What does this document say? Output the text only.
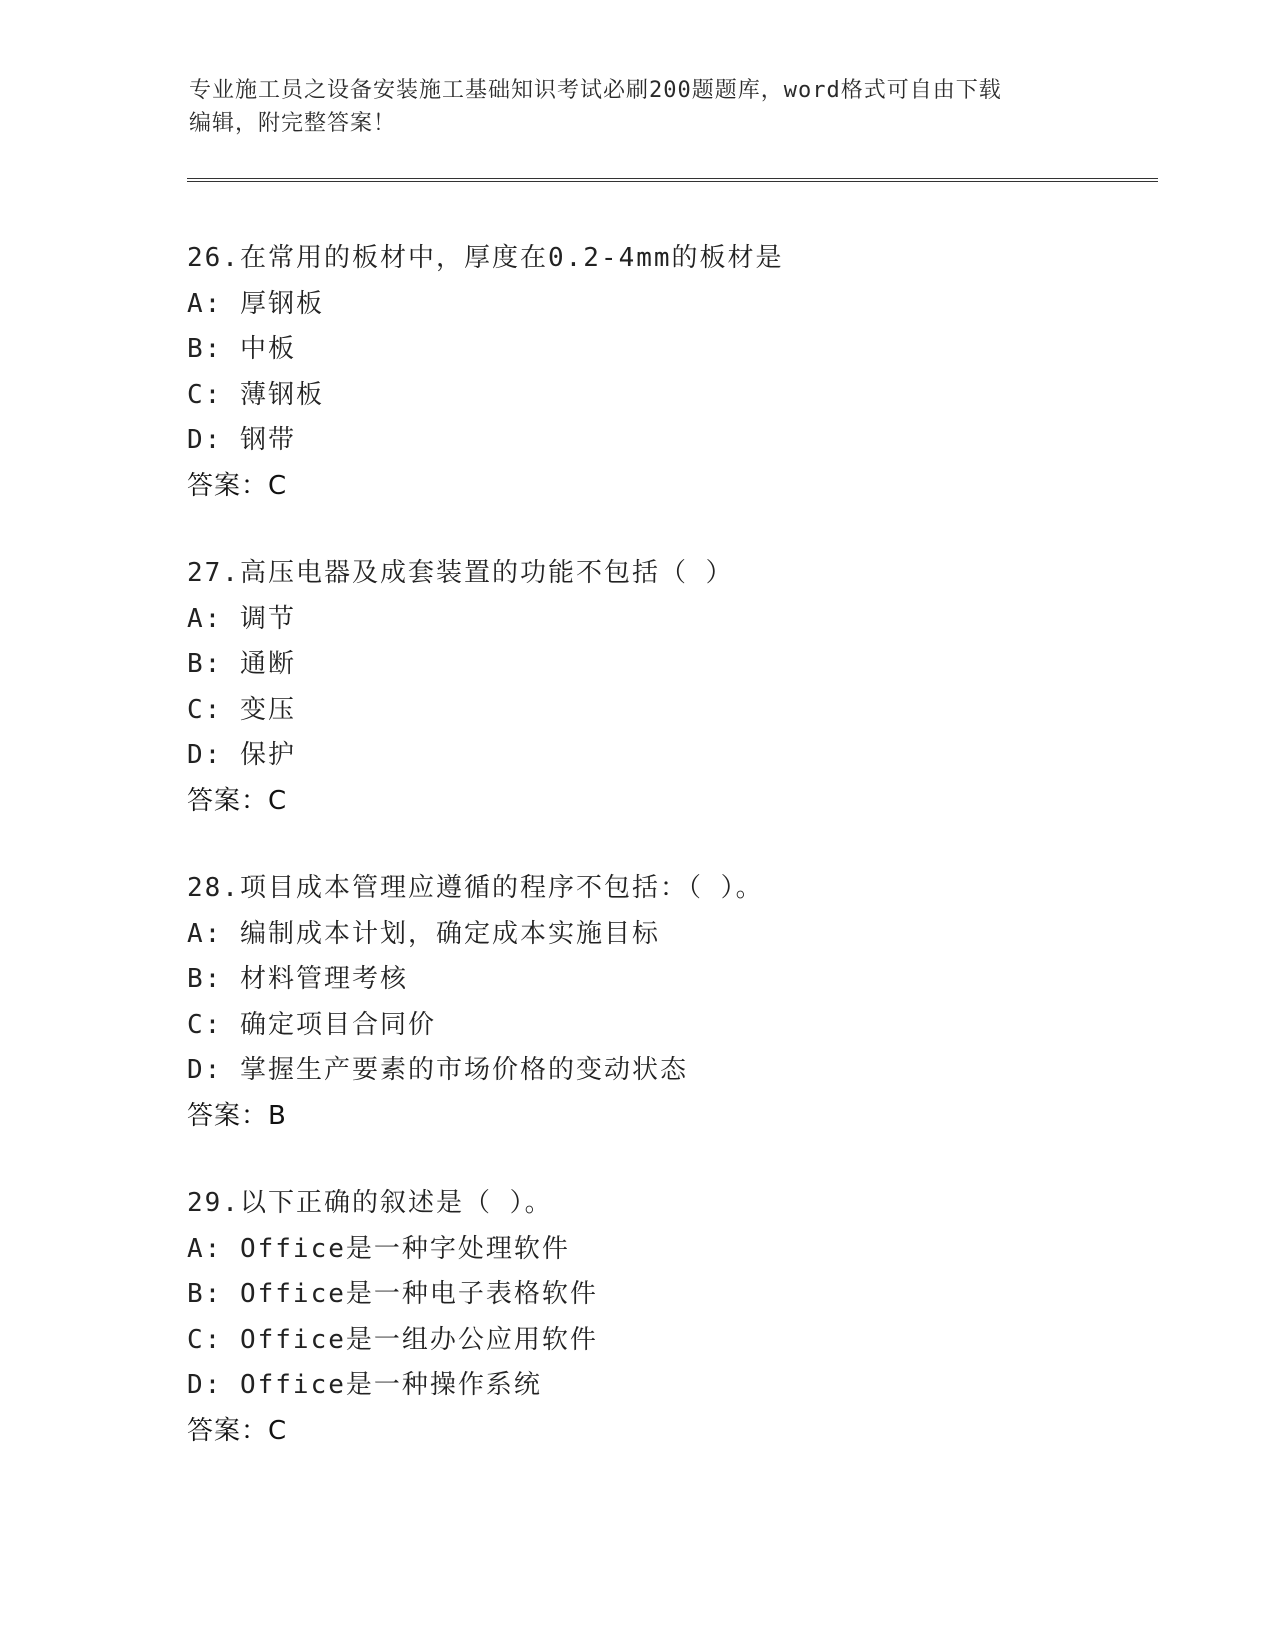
专业施工员之设备安装施工基础知识考试必刷200题题库，word格式可自由下载
编辑，附完整答案！
26.在常用的板材中，厚度在0.2-4mm的板材是
A: 厚钢板
B: 中板
C: 薄钢板
D: 钢带
答案：C
27.高压电器及成套装置的功能不包括（ ）
A: 调节
B: 通断
C: 变压
D: 保护
答案：C
28.项目成本管理应遵循的程序不包括：（ ）。
A: 编制成本计划，确定成本实施目标
B: 材料管理考核
C: 确定项目合同价
D: 掌握生产要素的市场价格的变动状态
答案：B
29.以下正确的叙述是（ ）。
A: Office是一种字处理软件
B: Office是一种电子表格软件
C: Office是一组办公应用软件
D: Office是一种操作系统
答案：C
